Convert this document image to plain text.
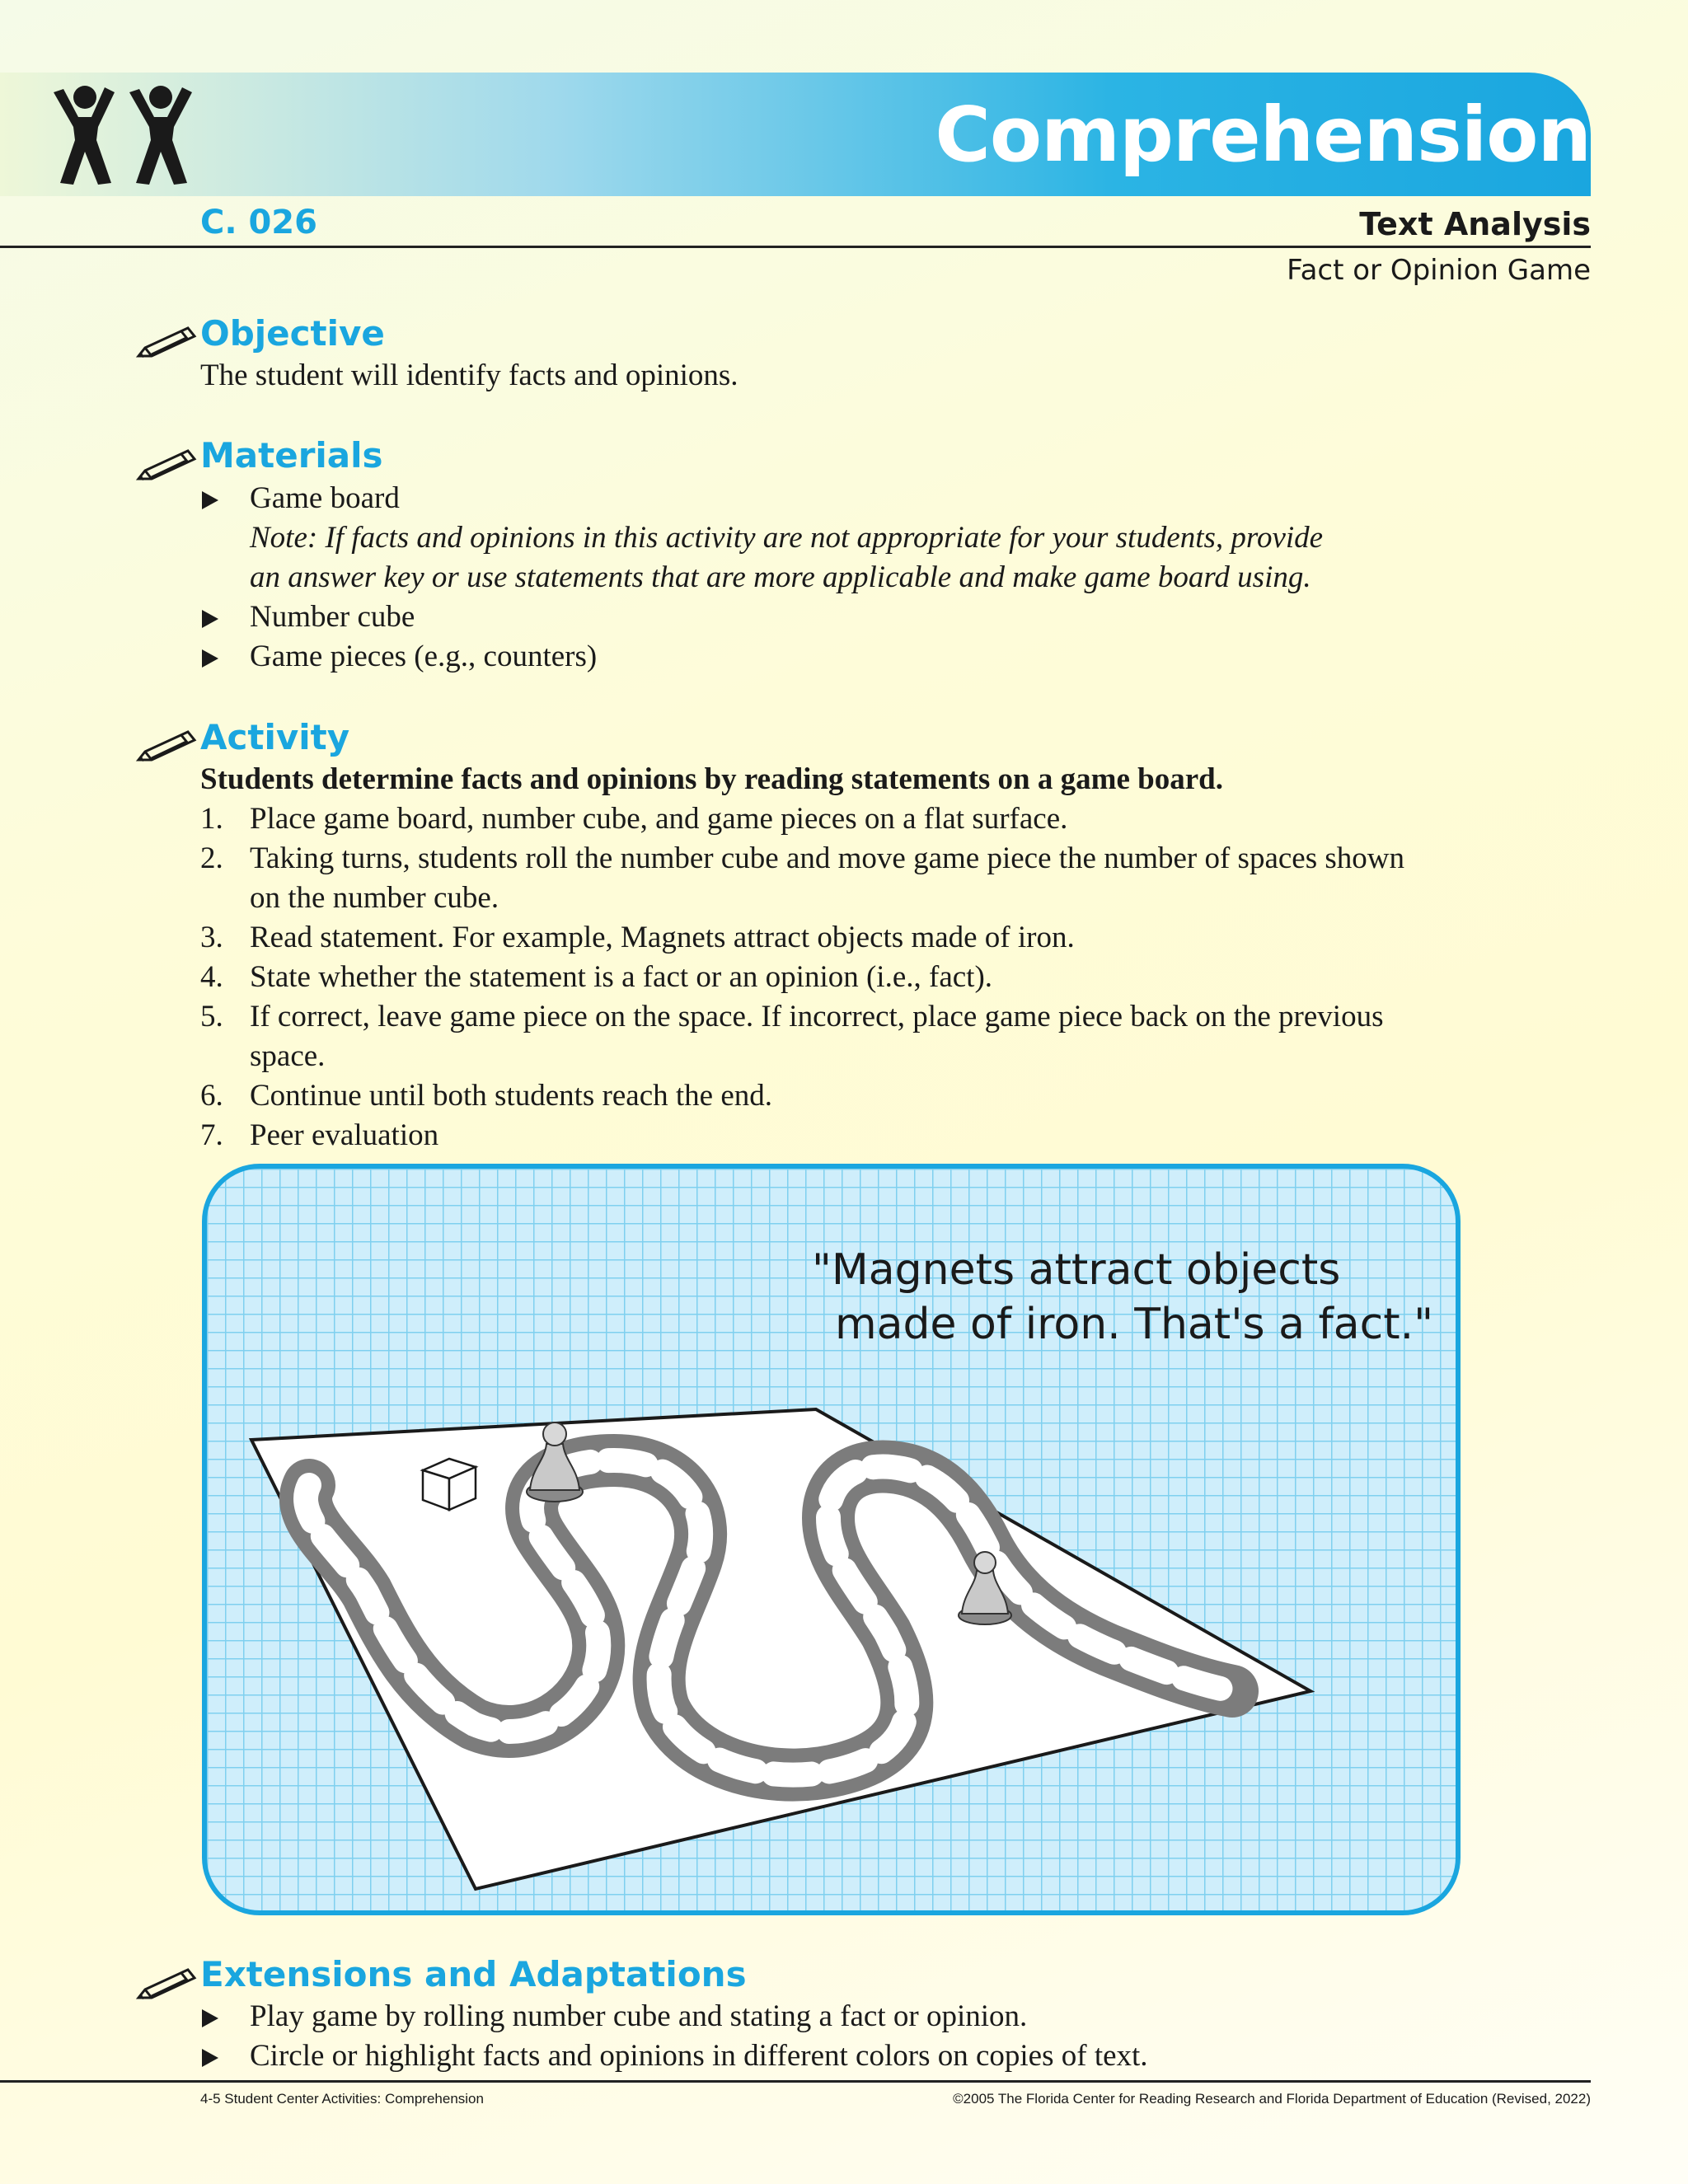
Comprehension
C. 026	Text Analysis
Fact or Opinion Game
Objective
The student will identify facts and opinions.
Materials
Game board
Note: If facts and opinions in this activity are not appropriate for your students, provide
an answer key or use statements that are more applicable and make game board using.
Number cube
Game pieces (e.g., counters)
Activity
Students determine facts and opinions by reading statements on a game board.
1. Place game board, number cube, and game pieces on a flat surface.
2. Taking turns, students roll the number cube and move game piece the number of spaces shown
on the number cube.
3. Read statement. For example, Magnets attract objects made of iron.
4. State whether the statement is a fact or an opinion (i.e., fact).
5. If correct, leave game piece on the space. If incorrect, place game piece back on the previous
space.
6. Continue until both students reach the end.
7. Peer evaluation
"Magnets attract objects
made of iron. That's a fact."
Extensions and Adaptations
Play game by rolling number cube and stating a fact or opinion.
Circle or highlight facts and opinions in different colors on copies of text.
4-5 Student Center Activities: Comprehension	©2005 The Florida Center for Reading Research and Florida Department of Education (Revised, 2022)
